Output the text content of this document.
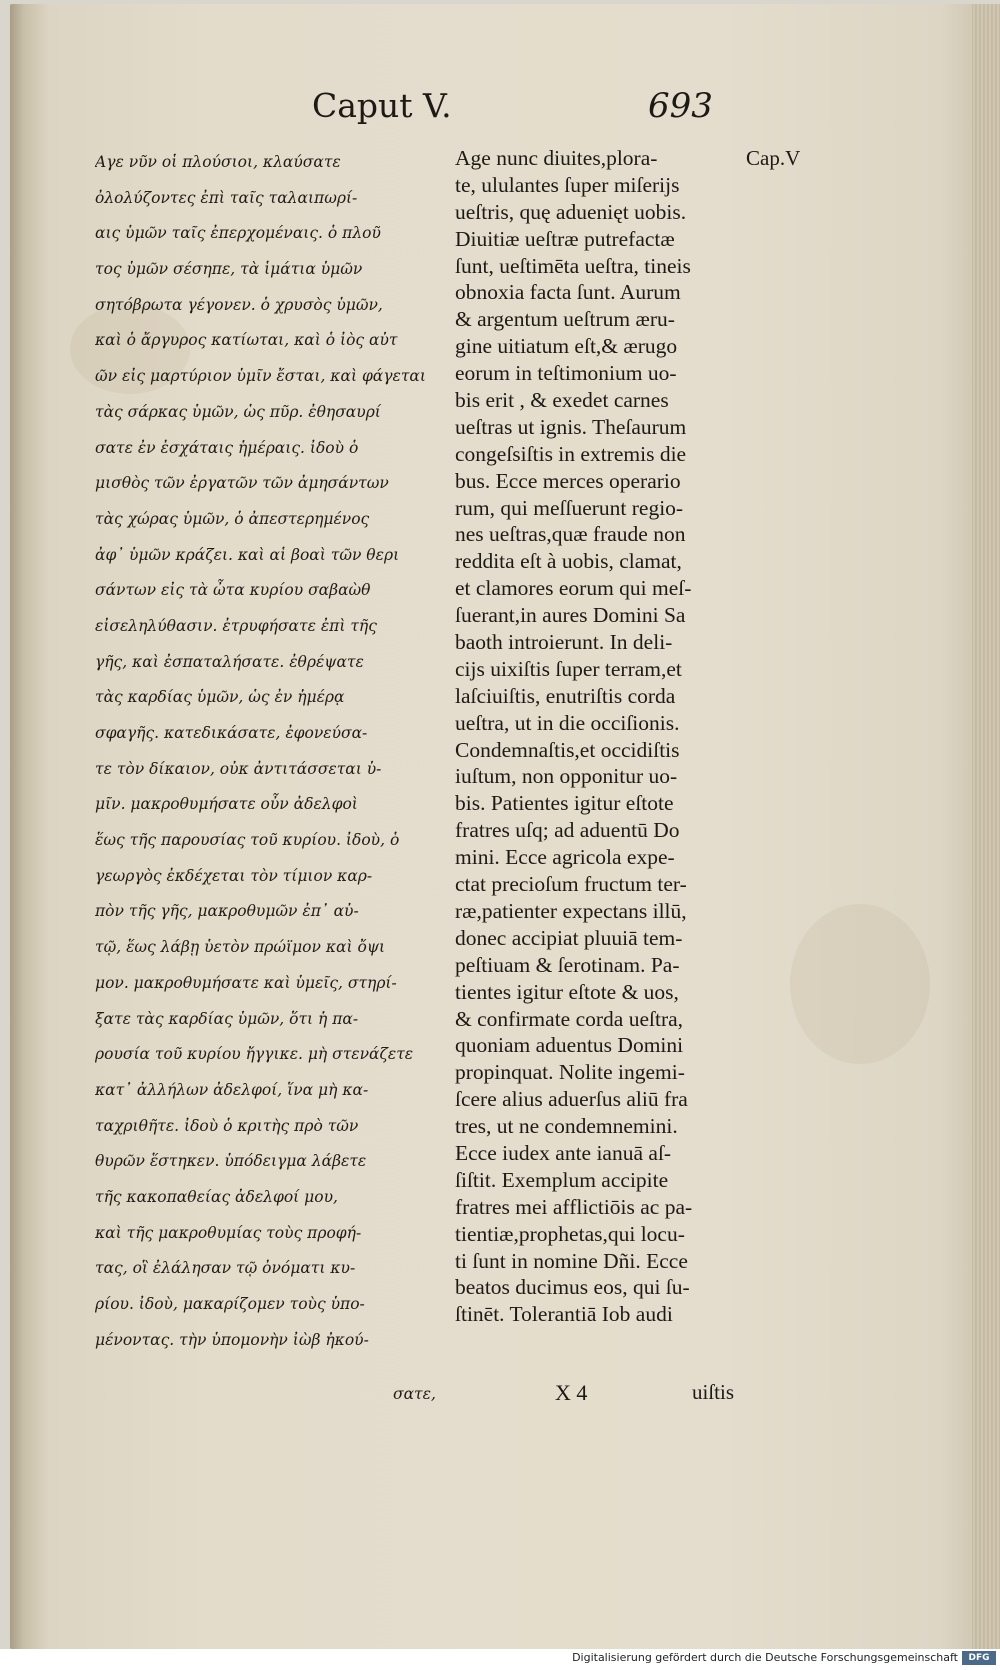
Caput V.	693
Αγε νῦν οἱ πλούσιοι, κλαύσατε
ὀλολύζοντες ἐπὶ ταῖς ταλαιπωρί-
αις ὑμῶν ταῖς ἐπερχομέναις. ὁ πλοῦ
τος ὑμῶν σέσηπε, τὰ ἱμάτια ὑμῶν
σητόβρωτα γέγονεν. ὁ χρυσὸς ὑμῶν,
καὶ ὁ ἄργυρος κατίωται, καὶ ὁ ἰὸς αὐτ
ῶν εἰς μαρτύριον ὑμῖν ἔσται, καὶ φάγεται
τὰς σάρκας ὑμῶν, ὡς πῦρ. ἐθησαυρί
σατε ἐν ἐσχάταις ἡμέραις. ἰδοὺ ὁ
μισθὸς τῶν ἐργατῶν τῶν ἀμησάντων
τὰς χώρας ὑμῶν, ὁ ἀπεστερημένος
ἀφ᾽ ὑμῶν κράζει. καὶ αἱ βοαὶ τῶν θερι
σάντων εἰς τὰ ὦτα κυρίου σαβαὼθ
εἰσεληλύθασιν. ἐτρυφήσατε ἐπὶ τῆς
γῆς, καὶ ἐσπαταλήσατε. ἐθρέψατε
τὰς καρδίας ὑμῶν, ὡς ἐν ἡμέρᾳ
σφαγῆς. κατεδικάσατε, ἐφονεύσα-
τε τὸν δίκαιον, οὐκ ἀντιτάσσεται ὑ-
μῖν. μακροθυμήσατε οὖν ἀδελφοὶ
ἕως τῆς παρουσίας τοῦ κυρίου. ἰδοὺ, ὁ
γεωργὸς ἐκδέχεται τὸν τίμιον καρ-
πὸν τῆς γῆς, μακροθυμῶν ἐπ᾽ αὐ-
τῷ, ἕως λάβῃ ὑετὸν πρώϊμον καὶ ὄψι
μον. μακροθυμήσατε καὶ ὑμεῖς, στηρί-
ξατε τὰς καρδίας ὑμῶν, ὅτι ἡ πα-
ρουσία τοῦ κυρίου ἤγγικε. μὴ στενάζετε
κατ᾽ ἀλλήλων ἀδελφοί, ἵνα μὴ κα-
ταχριθῆτε. ἰδοὺ ὁ κριτὴς πρὸ τῶν
θυρῶν ἕστηκεν. ὑπόδειγμα λάβετε
τῆς κακοπαθείας ἀδελφοί μου,
καὶ τῆς μακροθυμίας τοὺς προφή-
τας, οἳ ἐλάλησαν τῷ ὀνόματι κυ-
ρίου. ἰδοὺ, μακαρίζομεν τοὺς ὑπο-
μένοντας. τὴν ὑπομονὴν ἰὼβ ἠκού-
σατε,
Age nunc diuites,plora-
te, ululantes ſuper miſerijs
ueſtris, quę aduenięt uobis.
Diuitiæ ueſtræ putrefactæ
ſunt, ueſtimēta ueſtra, tineis
obnoxia facta ſunt. Aurum
& argentum ueſtrum æru-
gine uitiatum eſt,& ærugo
eorum in teſtimonium uo-
bis erit , & exedet carnes
ueſtras ut ignis. Theſaurum
congeſsiſtis in extremis die
bus. Ecce merces operario
rum, qui meſſuerunt regio-
nes ueſtras,quæ fraude non
reddita eſt à uobis, clamat,
et clamores eorum qui meſ-
ſuerant,in aures Domini Sa
baoth introierunt. In deli-
cijs uixiſtis ſuper terram,et
laſciuiſtis, enutriſtis corda
ueſtra, ut in die occiſionis.
Condemnaſtis,et occidiſtis
iuſtum, non opponitur uo-
bis. Patientes igitur eſtote
fratres uſq; ad aduentū Do
mini. Ecce agricola expe-
ctat precioſum fructum ter-
ræ,patienter expectans illū,
donec accipiat pluuiā tem-
peſtiuam & ſerotinam. Pa-
tientes igitur eſtote & uos,
& confirmate corda ueſtra,
quoniam aduentus Domini
propinquat. Nolite ingemi-
ſcere alius aduerſus aliū fra
tres, ut ne condemnemini.
Ecce iudex ante ianuā aſ-
ſiſtit. Exemplum accipite
fratres mei afflictiōis ac pa-
tientiæ,prophetas,qui locu-
ti ſunt in nomine Dñi. Ecce
beatos ducimus eos, qui ſu-
ſtinēt. Tolerantiā Iob audi
Cap.V
X 4	uiſtis
Digitalisierung gefördert durch die Deutsche Forschungsgemeinschaft	DFG
